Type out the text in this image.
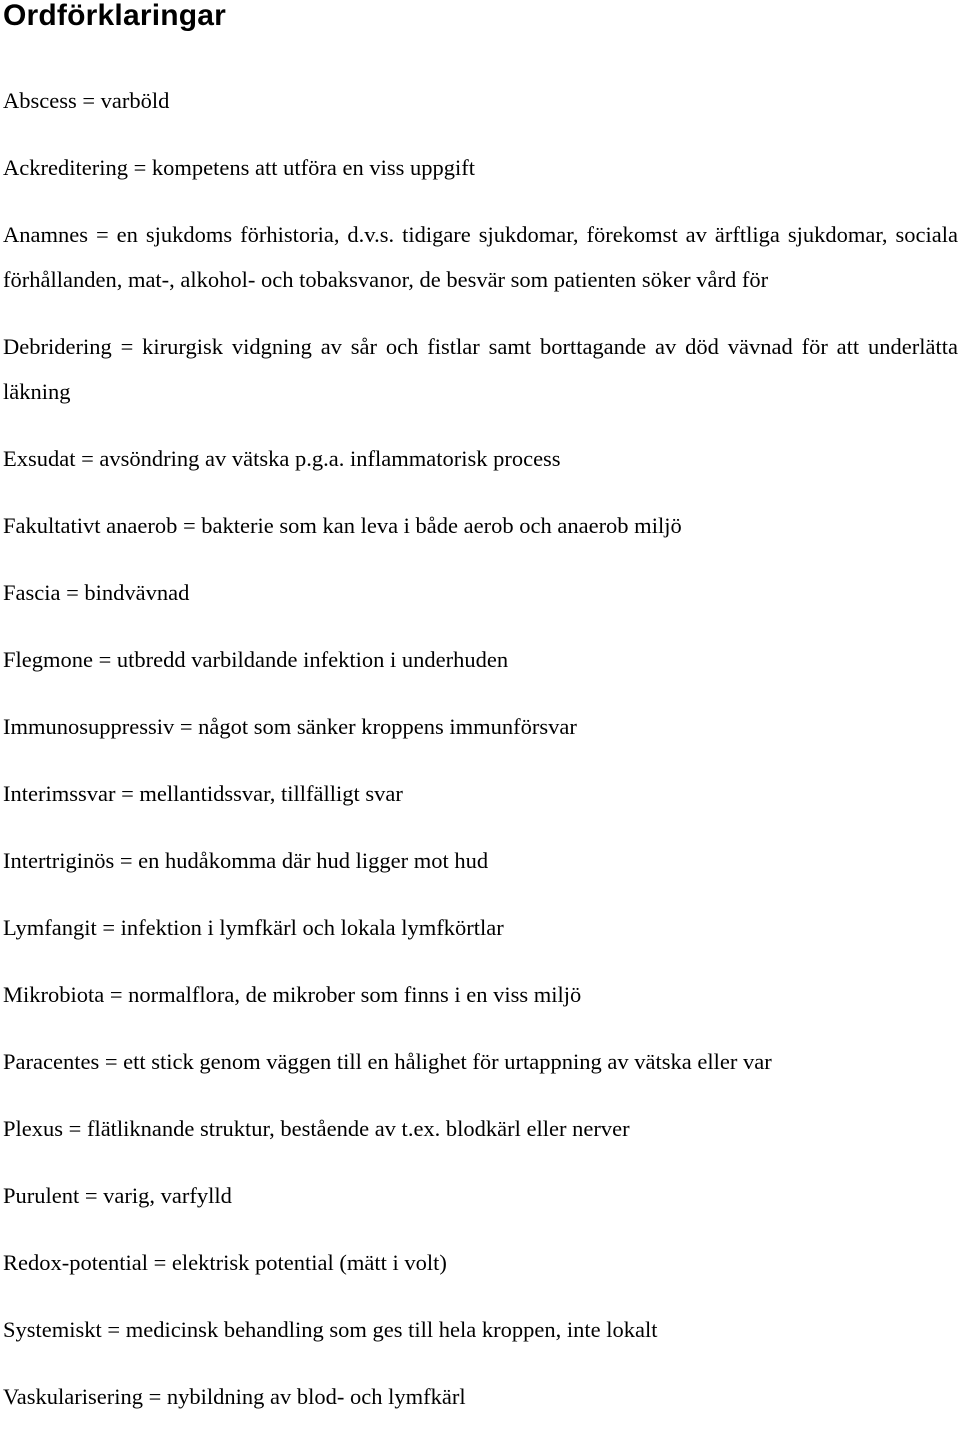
Ordförklaringar

Abscess = varböld

Ackreditering = kompetens att utföra en viss uppgift

Anamnes = en sjukdoms förhistoria, d.v.s. tidigare sjukdomar, förekomst av ärftliga sjukdomar, sociala förhållanden, mat-, alkohol- och tobaksvanor, de besvär som patienten söker vård för

Debridering = kirurgisk vidgning av sår och fistlar samt borttagande av död vävnad för att underlätta läkning

Exsudat = avsöndring av vätska p.g.a. inflammatorisk process

Fakultativt anaerob = bakterie som kan leva i både aerob och anaerob miljö

Fascia = bindvävnad

Flegmone = utbredd varbildande infektion i underhuden

Immunosuppressiv = något som sänker kroppens immunförsvar

Interimssvar = mellantidssvar, tillfälligt svar

Intertriginös = en hudåkomma där hud ligger mot hud

Lymfangit = infektion i lymfkärl och lokala lymfkörtlar

Mikrobiota = normalflora, de mikrober som finns i en viss miljö

Paracentes = ett stick genom väggen till en hålighet för urtappning av vätska eller var

Plexus = flätliknande struktur, bestående av t.ex. blodkärl eller nerver

Purulent = varig, varfylld

Redox-potential = elektrisk potential (mätt i volt)

Systemiskt = medicinsk behandling som ges till hela kroppen, inte lokalt

Vaskularisering = nybildning av blod- och lymfkärl
